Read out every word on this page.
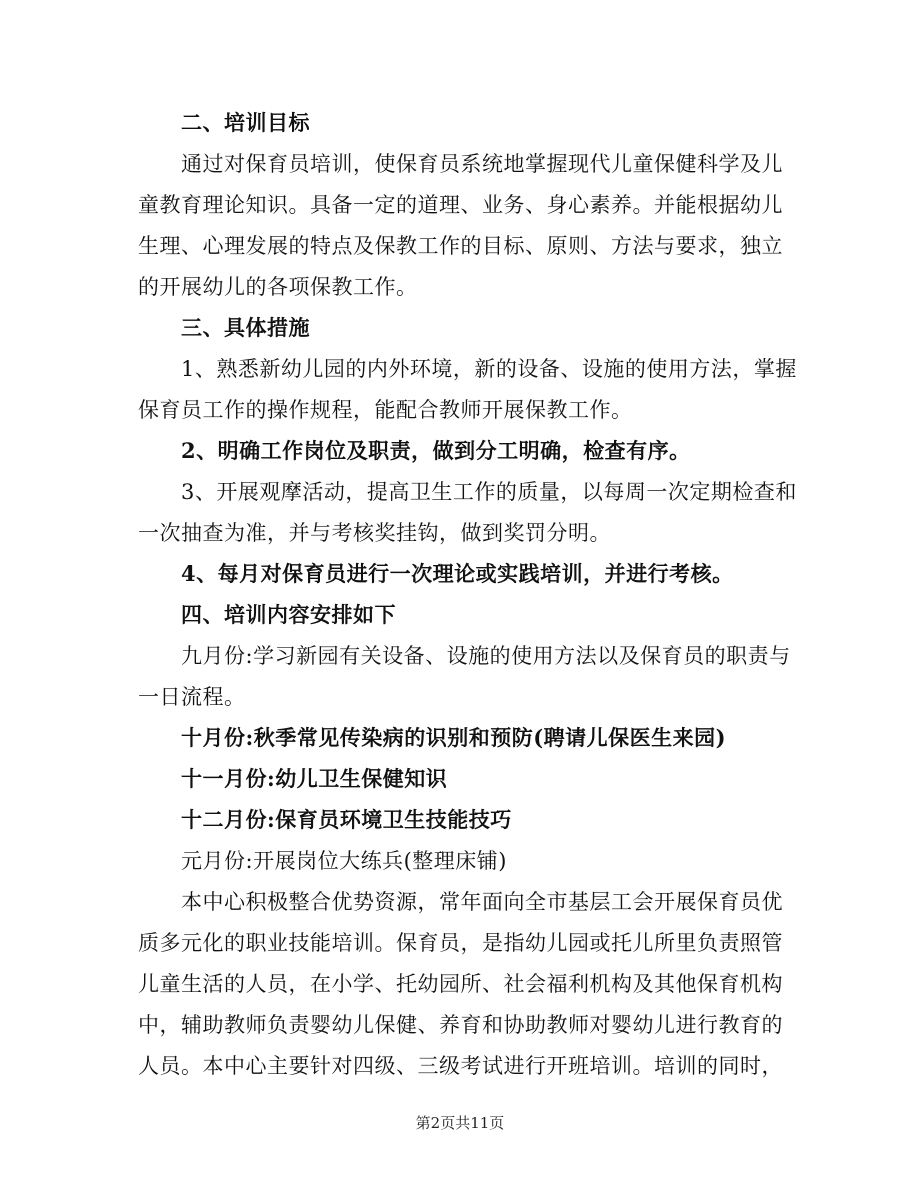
二、培训目标
通过对保育员培训，使保育员系统地掌握现代儿童保健科学及儿
童教育理论知识。具备一定的道理、业务、身心素养。并能根据幼儿
生理、心理发展的特点及保教工作的目标、原则、方法与要求，独立
的开展幼儿的各项保教工作。
三、具体措施
1、熟悉新幼儿园的内外环境，新的设备、设施的使用方法，掌握
保育员工作的操作规程，能配合教师开展保教工作。
2、明确工作岗位及职责，做到分工明确，检查有序。
3、开展观摩活动，提高卫生工作的质量，以每周一次定期检查和
一次抽查为准，并与考核奖挂钩，做到奖罚分明。
4、每月对保育员进行一次理论或实践培训，并进行考核。
四、培训内容安排如下
九月份:学习新园有关设备、设施的使用方法以及保育员的职责与
一日流程。
十月份:秋季常见传染病的识别和预防(聘请儿保医生来园)
十一月份:幼儿卫生保健知识
十二月份:保育员环境卫生技能技巧
元月份:开展岗位大练兵(整理床铺)
本中心积极整合优势资源，常年面向全市基层工会开展保育员优
质多元化的职业技能培训。保育员，是指幼儿园或托儿所里负责照管
儿童生活的人员，在小学、托幼园所、社会福利机构及其他保育机构
中，辅助教师负责婴幼儿保健、养育和协助教师对婴幼儿进行教育的
人员。本中心主要针对四级、三级考试进行开班培训。培训的同时，
第2页共11页
